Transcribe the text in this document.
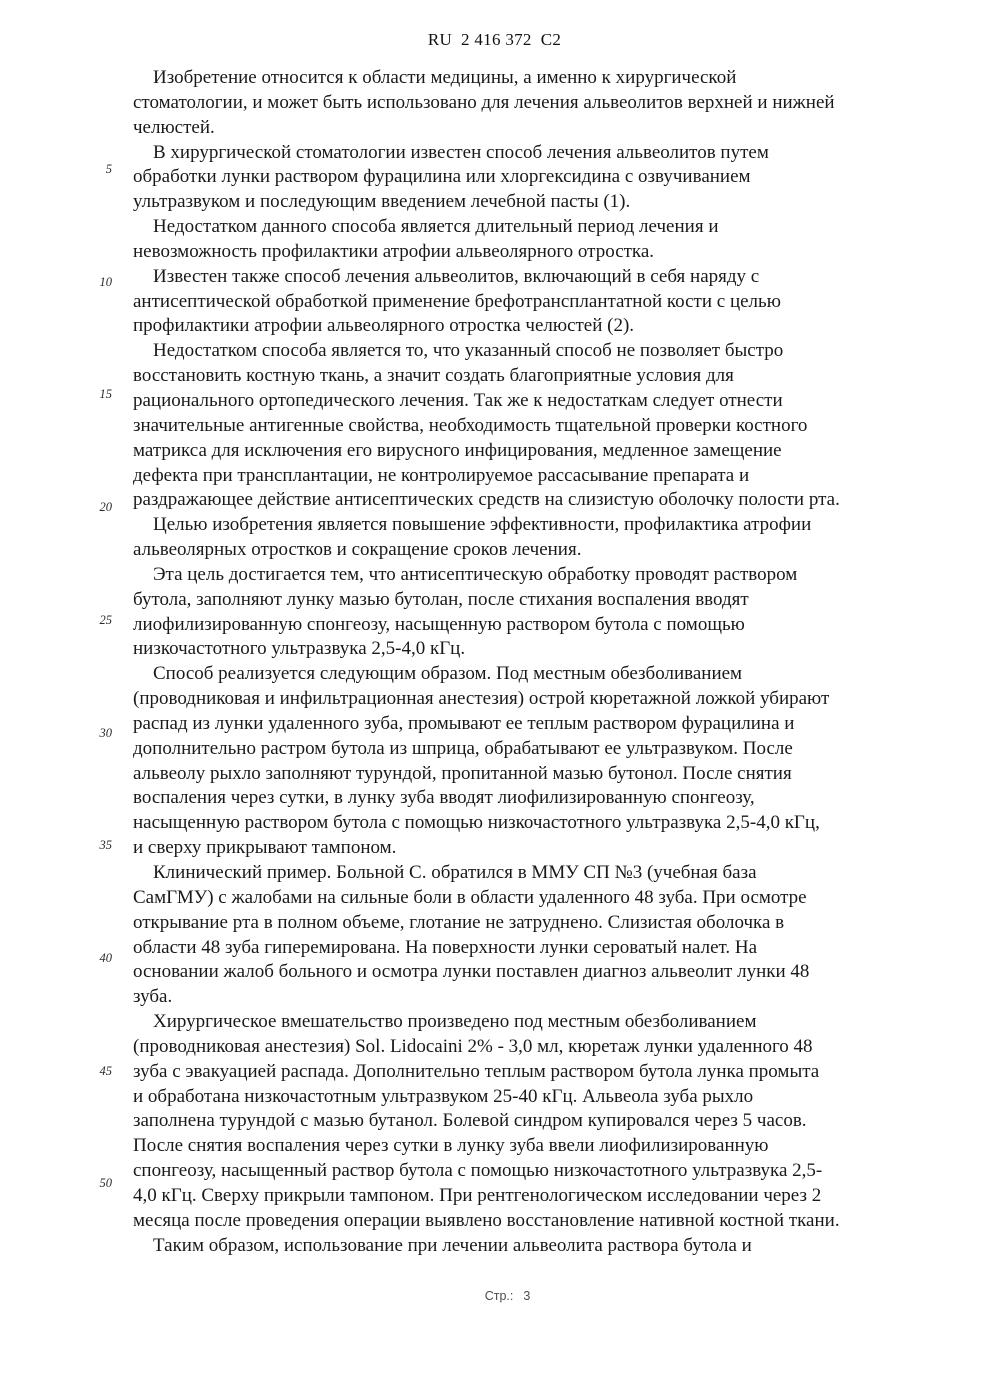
RU 2 416 372 C2
5
10
15
20
25
30
35
40
45
50
Изобретение относится к области медицины, а именно к хирургической
стоматологии, и может быть использовано для лечения альвеолитов верхней и нижней
челюстей.
В хирургической стоматологии известен способ лечения альвеолитов путем
обработки лунки раствором фурацилина или хлоргексидина с озвучиванием
ультразвуком и последующим введением лечебной пасты (1).
Недостатком данного способа является длительный период лечения и
невозможность профилактики атрофии альвеолярного отростка.
Известен также способ лечения альвеолитов, включающий в себя наряду с
антисептической обработкой применение брефотрансплантатной кости с целью
профилактики атрофии альвеолярного отростка челюстей (2).
Недостатком способа является то, что указанный способ не позволяет быстро
восстановить костную ткань, а значит создать благоприятные условия для
рационального ортопедического лечения. Так же к недостаткам следует отнести
значительные антигенные свойства, необходимость тщательной проверки костного
матрикса для исключения его вирусного инфицирования, медленное замещение
дефекта при трансплантации, не контролируемое рассасывание препарата и
раздражающее действие антисептических средств на слизистую оболочку полости рта.
Целью изобретения является повышение эффективности, профилактика атрофии
альвеолярных отростков и сокращение сроков лечения.
Эта цель достигается тем, что антисептическую обработку проводят раствором
бутола, заполняют лунку мазью бутолан, после стихания воспаления вводят
лиофилизированную спонгеозу, насыщенную раствором бутола с помощью
низкочастотного ультразвука 2,5-4,0 кГц.
Способ реализуется следующим образом. Под местным обезболиванием
(проводниковая и инфильтрационная анестезия) острой кюретажной ложкой убирают
распад из лунки удаленного зуба, промывают ее теплым раствором фурацилина и
дополнительно растром бутола из шприца, обрабатывают ее ультразвуком. После
альвеолу рыхло заполняют турундой, пропитанной мазью бутонол. После снятия
воспаления через сутки, в лунку зуба вводят лиофилизированную спонгеозу,
насыщенную раствором бутола с помощью низкочастотного ультразвука 2,5-4,0 кГц,
и сверху прикрывают тампоном.
Клинический пример. Больной С. обратился в ММУ СП №3 (учебная база
СамГМУ) с жалобами на сильные боли в области удаленного 48 зуба. При осмотре
открывание рта в полном объеме, глотание не затруднено. Слизистая оболочка в
области 48 зуба гиперемирована. На поверхности лунки сероватый налет. На
основании жалоб больного и осмотра лунки поставлен диагноз альвеолит лунки 48
зуба.
Хирургическое вмешательство произведено под местным обезболиванием
(проводниковая анестезия) Sol. Lidocaini 2% - 3,0 мл, кюретаж лунки удаленного 48
зуба с эвакуацией распада. Дополнительно теплым раствором бутола лунка промыта
и обработана низкочастотным ультразвуком 25-40 кГц. Альвеола зуба рыхло
заполнена турундой с мазью бутанол. Болевой синдром купировался через 5 часов.
После снятия воспаления через сутки в лунку зуба ввели лиофилизированную
спонгеозу, насыщенный раствор бутола с помощью низкочастотного ультразвука 2,5-
4,0 кГц. Сверху прикрыли тампоном. При рентгенологическом исследовании через 2
месяца после проведения операции выявлено восстановление нативной костной ткани.
Таким образом, использование при лечении альвеолита раствора бутола и
Стр.: 3
